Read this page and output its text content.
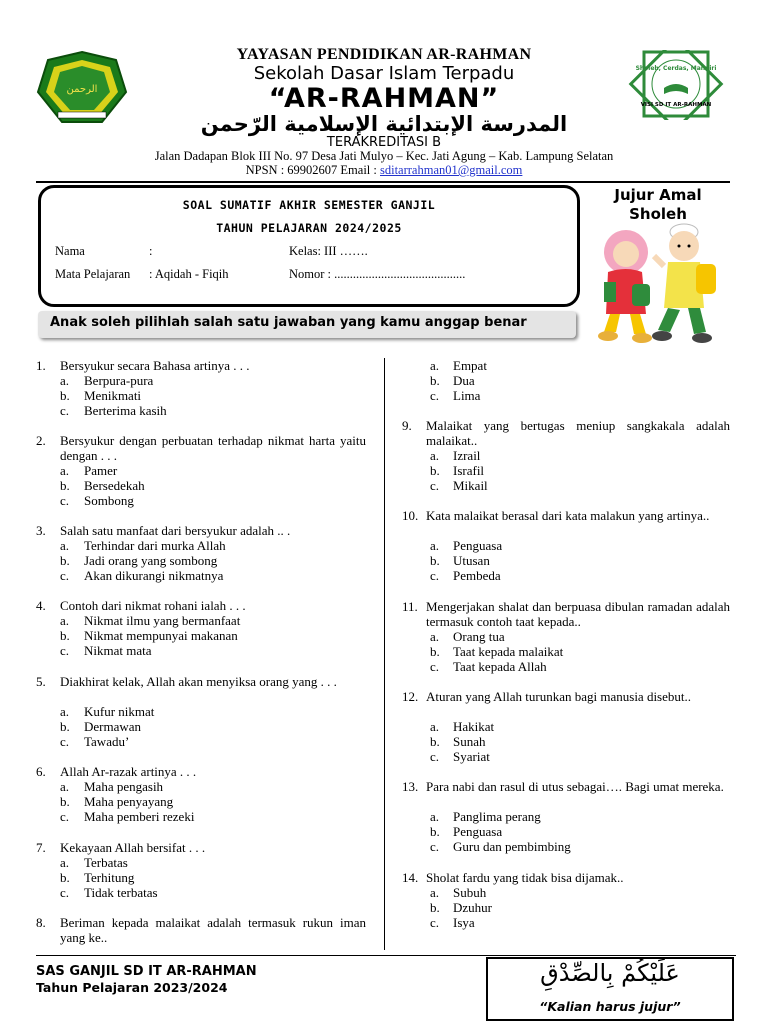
الرحمن
Sholeh, Cerdas, Mandiri
VISI SD IT AR-RAHMAN
YAYASAN PENDIDIKAN AR-RAHMAN
Sekolah Dasar Islam Terpadu
“AR-RAHMAN”
المدرسة الإبتدائية الإسلامية الرّحمن
TERAKREDITASI B
Jalan Dadapan Blok III No. 97 Desa Jati Mulyo – Kec. Jati Agung – Kab. Lampung Selatan
NPSN : 69902607 Email : sditarrahman01@gmail.com
SOAL SUMATIF AKHIR SEMESTER GANJIL
TAHUN PELAJARAN 2024/2025
Nama	:	Kelas: III …….
Mata Pelajaran : Aqidah - Fiqih	Nomor : ..........................................
Jujur Amal Sholeh
Anak soleh pilihlah salah satu jawaban yang kamu anggap benar
1. Bersyukur secara Bahasa artinya . . .
a. Berpura-pura
b. Menikmati
c. Berterima kasih
2. Bersyukur dengan perbuatan terhadap nikmat harta yaitu dengan . . .
a. Pamer
b. Bersedekah
c. Sombong
3. Salah satu manfaat dari bersyukur adalah .. .
a. Terhindar dari murka Allah
b. Jadi orang yang sombong
c. Akan dikurangi nikmatnya
4. Contoh dari nikmat rohani ialah . . .
a. Nikmat ilmu yang bermanfaat
b. Nikmat mempunyai makanan
c. Nikmat mata
5. Diakhirat kelak, Allah akan menyiksa orang yang . . .
a. Kufur nikmat
b. Dermawan
c. Tawadu’
6. Allah Ar-razak artinya . . .
a. Maha pengasih
b. Maha penyayang
c. Maha pemberi rezeki
7. Kekayaan Allah bersifat . . .
a. Terbatas
b. Terhitung
c. Tidak terbatas
8. Beriman kepada malaikat adalah termasuk rukun iman yang ke..
a. Empat
b. Dua
c. Lima
9. Malaikat yang bertugas meniup sangkakala adalah malaikat..
a. Izrail
b. Israfil
c. Mikail
10. Kata malaikat berasal dari kata malakun yang artinya..
a. Penguasa
b. Utusan
c. Pembeda
11. Mengerjakan shalat dan berpuasa dibulan ramadan adalah termasuk contoh taat kepada..
a. Orang tua
b. Taat kepada malaikat
c. Taat kepada Allah
12. Aturan yang Allah turunkan bagi manusia disebut..
a. Hakikat
b. Sunah
c. Syariat
13. Para nabi dan rasul di utus sebagai…. Bagi umat mereka.
a. Panglima perang
b. Penguasa
c. Guru dan pembimbing
14. Sholat fardu yang tidak bisa dijamak..
a. Subuh
b. Dzuhur
c. Isya
SAS GANJIL SD IT AR-RAHMAN
Tahun Pelajaran 2023/2024
عَلَيْكُمْ بِالصِّدْقِ
“Kalian harus jujur”
